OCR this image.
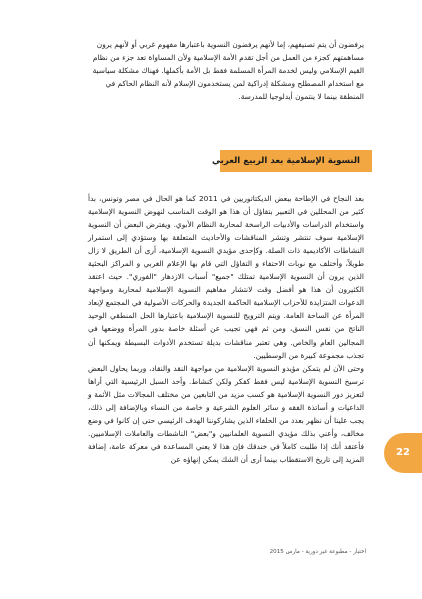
يرفضون أن يتم تصنيفهم، إما لأنهم يرفضون النسوية باعتبارها مفهوم غربي أو لأنهم يرون

مساهمتهم كجزء من العمل من أجل تقدم الأمة الإسلامية ولأن المساواة تعد جزء من نظام

القيم الإسلامي وليس لخدمة المرأة المسلمة فقط بل الأمة بأكملها. فهناك مشكلة سياسية

مع استخدام المصطلح ومشكلة إدراكية لمن يستخدمون الإسلام لأنه النظام الحاكم في

المنطقة بينما لا ينتمون أيدلوجيا للمدرسة.

النسوية الإسلامية بعد الربيع العربي

بعد النجاح في الإطاحة ببعض الديكتاتوريين في 2011 كما هو الحال في مصر وتونس، بدأ كثير من المحللين في التعبير بتفاؤل أن هذا هو الوقت المناسب لنهوض النسوية الإسلامية واستخدام الدراسات والأدبيات الراسخة لمحاربة النظام الأبوي. ويفترض البعض أن النسوية الإسلامية سوف تنتشر وتنشر المناقشات والأحاديث المتعلقة بها وستؤدي إلى استمرار النشاطات الأكاديمية ذات الصلة. وكإحدى مؤيدي النسوية الإسلامية، أرى أن الطريق لا زال طويلاً، وأختلف مع نوبات الاحتفاء و التفاؤل التي قام بها الإعلام الغربي و المراكز البحثية الذين يرون أن النسوية الإسلامية تمتلك "جميع" أسباب الازدهار "الفوري". حيث اعتقد الكثيرون أن هذا هو أفضل وقت لانتشار مفاهيم النسوية الإسلامية لمحاربة ومواجهة الدعوات المتزايدة للأحزاب الإسلامية الحاكمة الجديدة والحركات الأصولية في المجتمع لإبعاد المرأة عن الساحة العامة. ويتم الترويج للنسوية الإسلامية باعتبارها الحل المنطقي الوحيد الناتج من نفس النسق، ومن ثم فهي تجيب عن أسئلة خاصة بدور المرأة ووضعها في المجالين العام والخاص. وهي تعتبر مناقشات بديلة تستخدم الأدوات البسيطة ويمكنها أن تجذب مجموعة كبيرة من الوسطيين.

وحتى الآن لم يتمكن مؤيدو النسوية الإسلامية من مواجهة النقد والنقاد، وربما يحاول البعض ترسيخ النسوية الإسلامية ليس فقط كفكر ولكن كنشاط. وأحد السبل الرئيسية التي أراها لتعزيز دور النسوية الإسلامية هو كسب مزيد من التابعين من مختلف المجالات مثل الأئمة و الداعيات و أساتذة الفقه و سائر العلوم الشرعية و خاصة من النساء وبالإضافة إلى ذلك، يجب علينا أن نظهر بعدد من الحلفاء الذين يشاركوننا الهدف الرئيسي حتى إن كانوا في وضع مخالف، وأعني بذلك مؤيدي النسوية العلمانيين و"بعض" الناشطات والعاملات الإسلاميين. فأعتقد أنك إذا طلبت كاملاً في خندقك فإن هذا لا يعني المساعدة في معركة عامة، إضافة المزيد إلى تاريخ الاستقطاب بينما أرى أن الشك يمكن إنهاؤه عن

22
اختيار - مطبوعة غير دورية - مارس 2015
